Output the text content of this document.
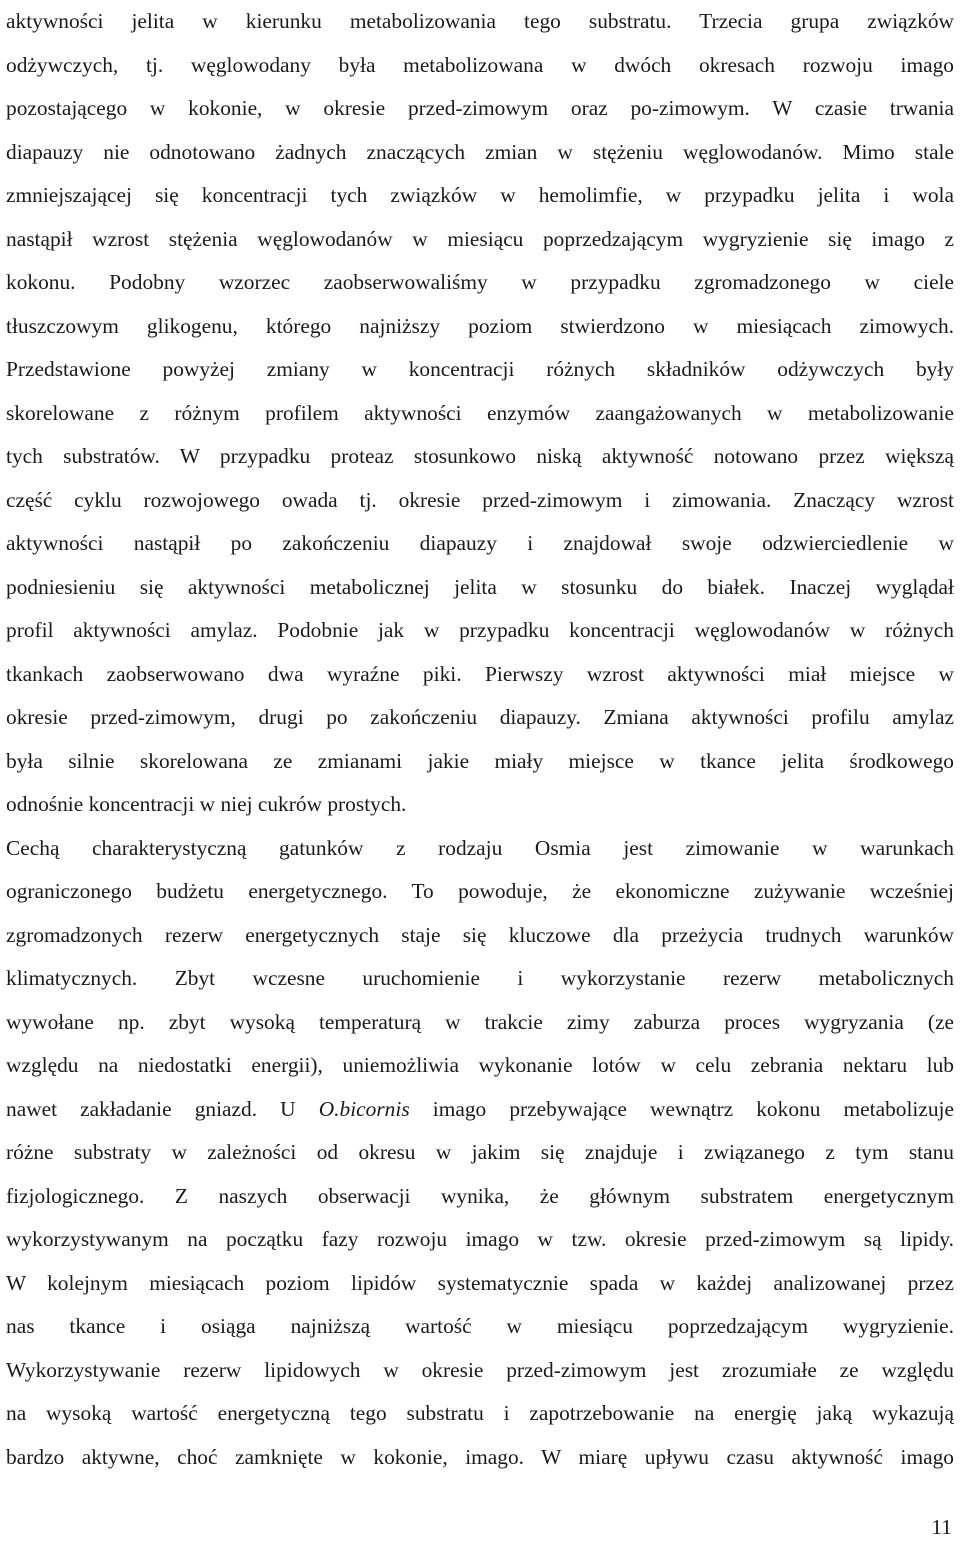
aktywności jelita w kierunku metabolizowania tego substratu. Trzecia grupa związków
odżywczych, tj. węglowodany była metabolizowana w dwóch okresach rozwoju imago
pozostającego w kokonie, w okresie przed-zimowym oraz po-zimowym. W czasie trwania
diapauzy nie odnotowano żadnych znaczących zmian w stężeniu węglowodanów. Mimo stale
zmniejszającej się koncentracji tych związków w hemolimfie, w przypadku jelita i wola
nastąpił wzrost stężenia węglowodanów w miesiącu poprzedzającym wygryzienie się imago z
kokonu. Podobny wzorzec zaobserwowaliśmy w przypadku zgromadzonego w ciele
tłuszczowym glikogenu, którego najniższy poziom stwierdzono w miesiącach zimowych.
Przedstawione powyżej zmiany w koncentracji różnych składników odżywczych były
skorelowane z różnym profilem aktywności enzymów zaangażowanych w metabolizowanie
tych substratów. W przypadku proteaz stosunkowo niską aktywność notowano przez większą
część cyklu rozwojowego owada tj. okresie przed-zimowym i zimowania. Znaczący wzrost
aktywności nastąpił po zakończeniu diapauzy i znajdował swoje odzwierciedlenie w
podniesieniu się aktywności metabolicznej jelita w stosunku do białek. Inaczej wyglądał
profil aktywności amylaz. Podobnie jak w przypadku koncentracji węglowodanów w różnych
tkankach zaobserwowano dwa wyraźne piki. Pierwszy wzrost aktywności miał miejsce w
okresie przed-zimowym, drugi po zakończeniu diapauzy. Zmiana aktywności profilu amylaz
była silnie skorelowana ze zmianami jakie miały miejsce w tkance jelita środkowego
odnośnie koncentracji w niej cukrów prostych.
Cechą charakterystyczną gatunków z rodzaju Osmia jest zimowanie w warunkach
ograniczonego budżetu energetycznego. To powoduje, że ekonomiczne zużywanie wcześniej
zgromadzonych rezerw energetycznych staje się kluczowe dla przeżycia trudnych warunków
klimatycznych. Zbyt wczesne uruchomienie i wykorzystanie rezerw metabolicznych
wywołane np. zbyt wysoką temperaturą w trakcie zimy zaburza proces wygryzania (ze
względu na niedostatki energii), uniemożliwia wykonanie lotów w celu zebrania nektaru lub
nawet zakładanie gniazd. U O.bicornis imago przebywające wewnątrz kokonu metabolizuje
różne substraty w zależności od okresu w jakim się znajduje i związanego z tym stanu
fizjologicznego. Z naszych obserwacji wynika, że głównym substratem energetycznym
wykorzystywanym na początku fazy rozwoju imago w tzw. okresie przed-zimowym są lipidy.
W kolejnym miesiącach poziom lipidów systematycznie spada w każdej analizowanej przez
nas tkance i osiąga najniższą wartość w miesiącu poprzedzającym wygryzienie.
Wykorzystywanie rezerw lipidowych w okresie przed-zimowym jest zrozumiałe ze względu
na wysoką wartość energetyczną tego substratu i zapotrzebowanie na energię jaką wykazują
bardzo aktywne, choć zamknięte w kokonie, imago. W miarę upływu czasu aktywność imago
11
